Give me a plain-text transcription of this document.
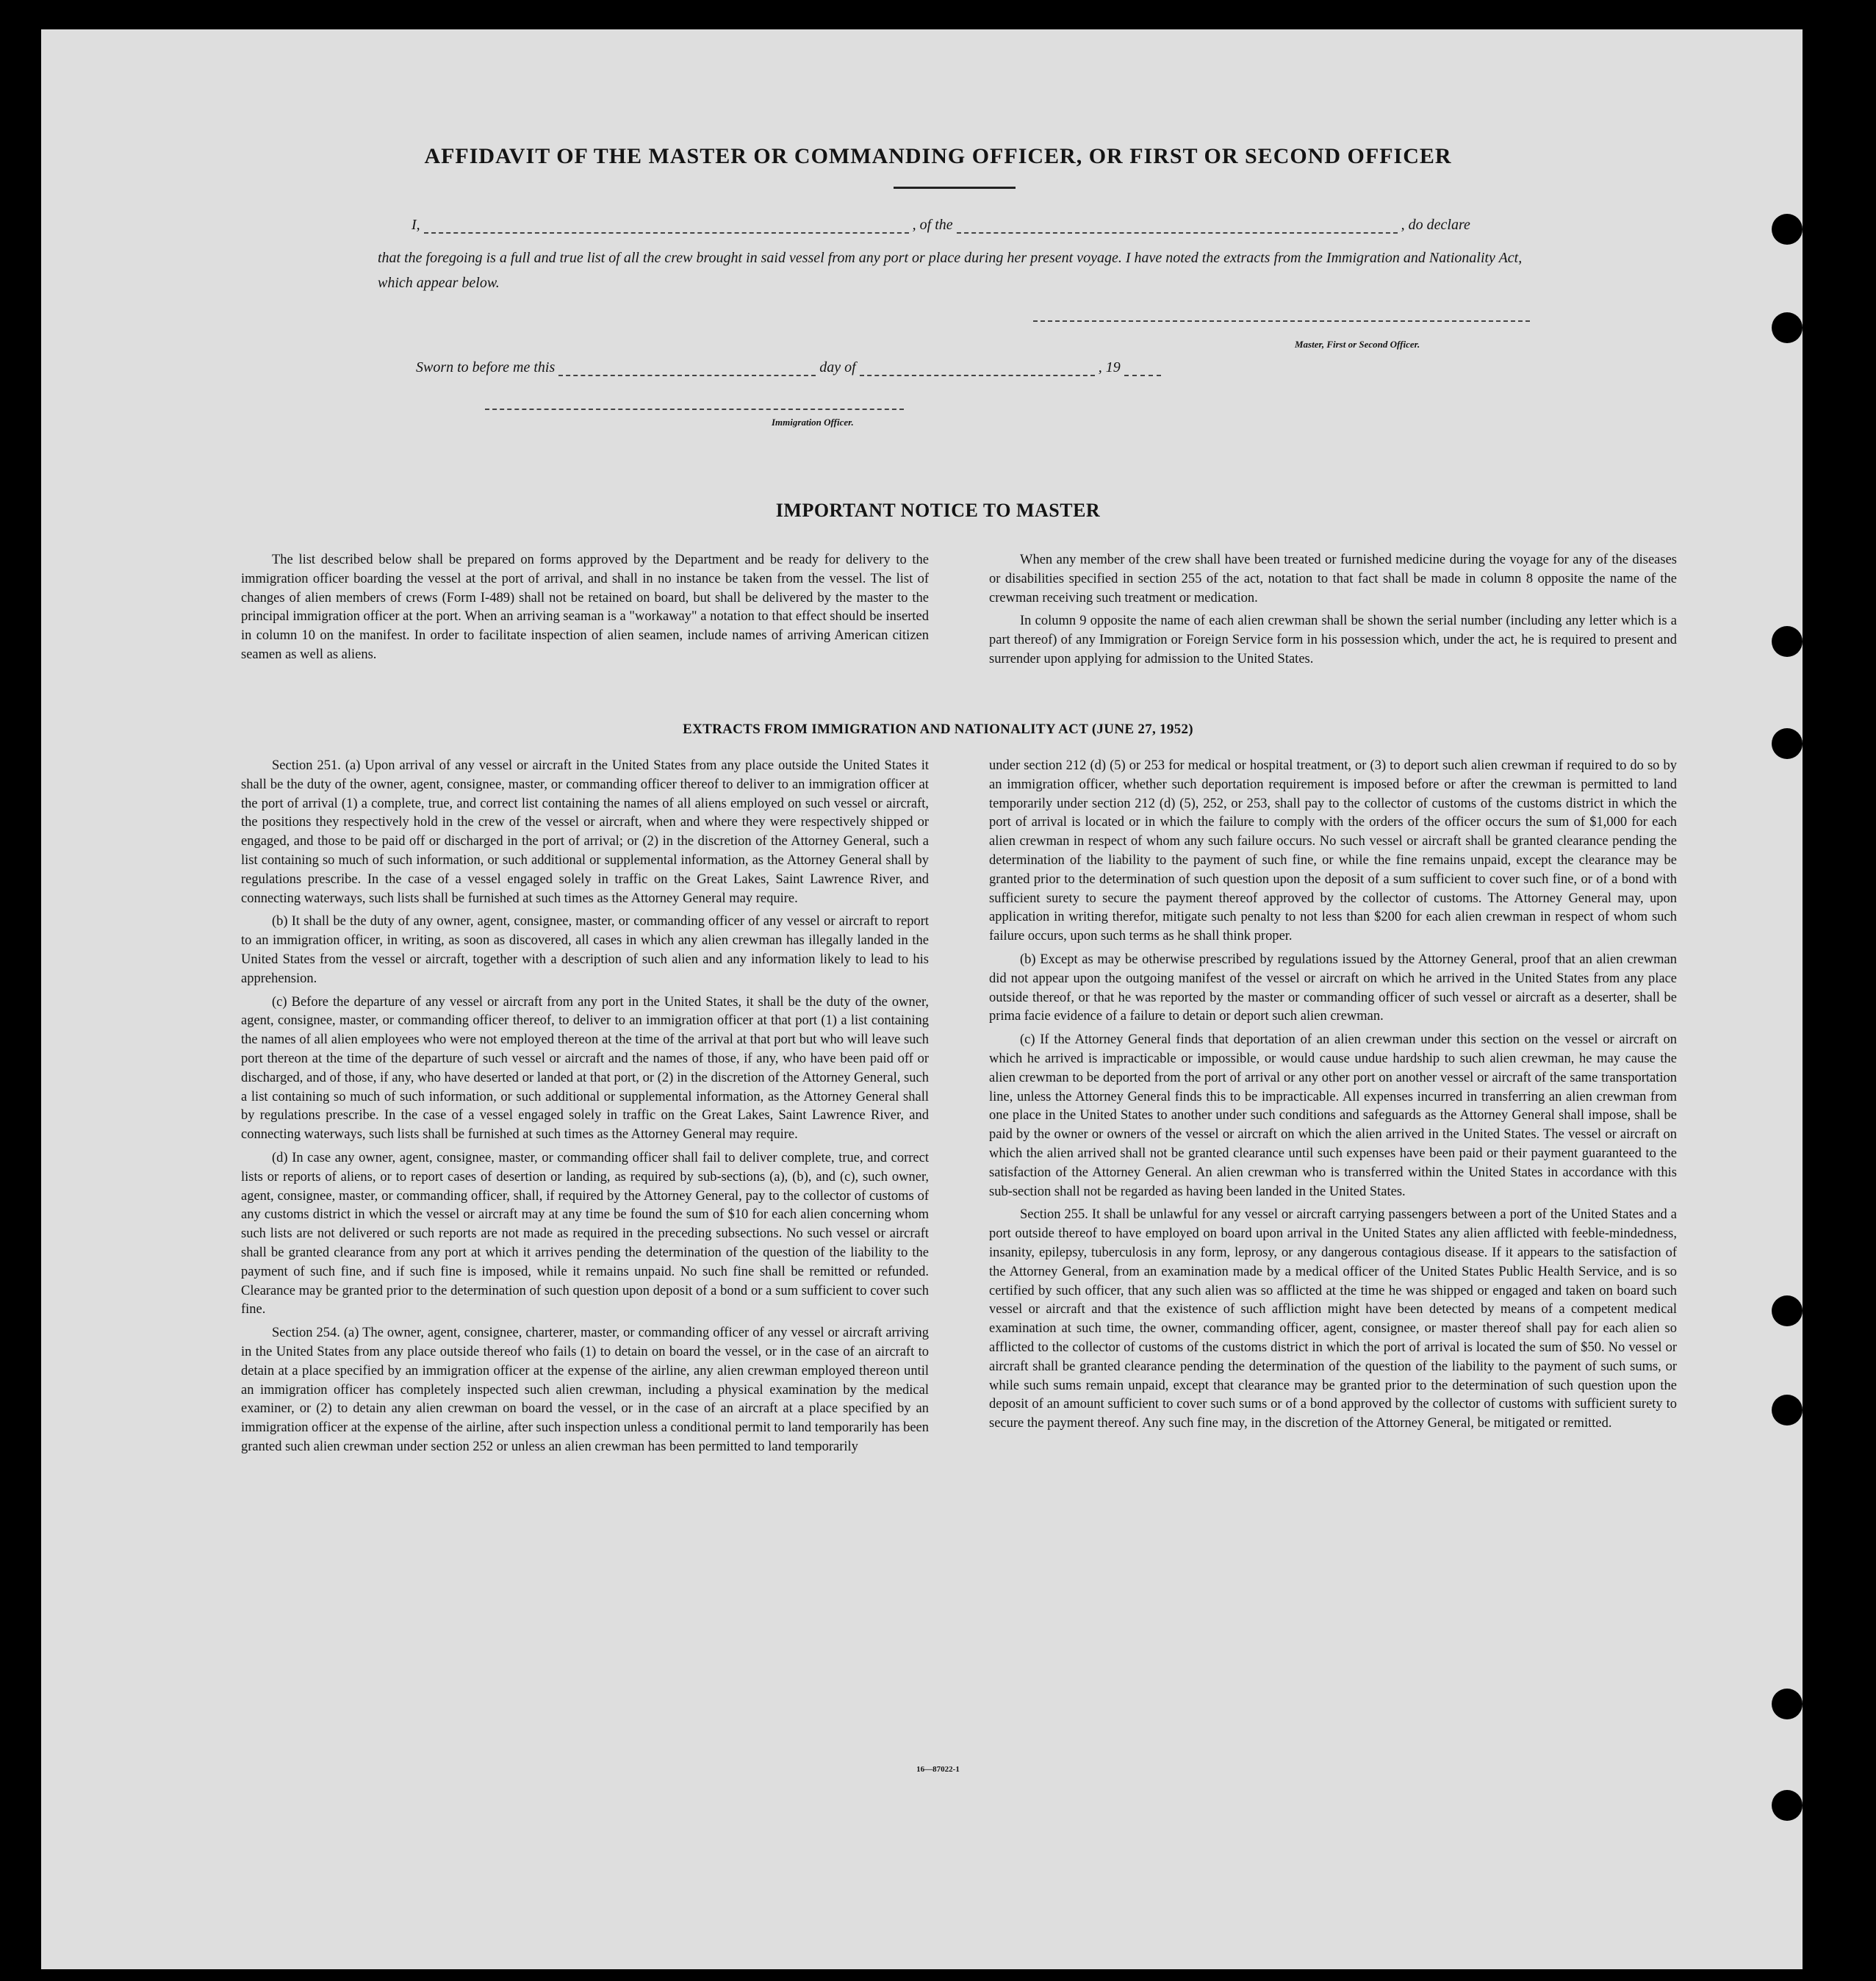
AFFIDAVIT OF THE MASTER OR COMMANDING OFFICER, OR FIRST OR SECOND OFFICER
I,	, of the	, do declare
that the foregoing is a full and true list of all the crew brought in said vessel from any port or place during her present voyage. I have noted the extracts from the Immigration and Nationality Act, which appear below.
Master, First or Second Officer.
Sworn to before me this	day of	, 19
Immigration Officer.
IMPORTANT NOTICE TO MASTER

The list described below shall be prepared on forms approved by the Department and be ready for delivery to the immigration officer boarding the vessel at the port of arrival, and shall in no instance be taken from the vessel. The list of changes of alien members of crews (Form I-489) shall not be retained on board, but shall be delivered by the master to the principal immigration officer at the port. When an arriving seaman is a "workaway" a notation to that effect should be inserted in column 10 on the manifest. In order to facilitate inspection of alien seamen, include names of arriving American citizen seamen as well as aliens.

When any member of the crew shall have been treated or furnished medicine during the voyage for any of the diseases or disabilities specified in section 255 of the act, notation to that fact shall be made in column 8 opposite the name of the crewman receiving such treatment or medication.

In column 9 opposite the name of each alien crewman shall be shown the serial number (including any letter which is a part thereof) of any Immigration or Foreign Service form in his possession which, under the act, he is required to present and surrender upon applying for admission to the United States.

EXTRACTS FROM IMMIGRATION AND NATIONALITY ACT (JUNE 27, 1952)

Section 251. (a) Upon arrival of any vessel or aircraft in the United States from any place outside the United States it shall be the duty of the owner, agent, consignee, master, or commanding officer thereof to deliver to an immigration officer at the port of arrival (1) a complete, true, and correct list containing the names of all aliens employed on such vessel or aircraft, the positions they respectively hold in the crew of the vessel or aircraft, when and where they were respectively shipped or engaged, and those to be paid off or discharged in the port of arrival; or (2) in the discretion of the Attorney General, such a list containing so much of such information, or such additional or supplemental information, as the Attorney General shall by regulations prescribe. In the case of a vessel engaged solely in traffic on the Great Lakes, Saint Lawrence River, and connecting waterways, such lists shall be furnished at such times as the Attorney General may require.

(b) It shall be the duty of any owner, agent, consignee, master, or commanding officer of any vessel or aircraft to report to an immigration officer, in writing, as soon as discovered, all cases in which any alien crewman has illegally landed in the United States from the vessel or aircraft, together with a description of such alien and any information likely to lead to his apprehension.

(c) Before the departure of any vessel or aircraft from any port in the United States, it shall be the duty of the owner, agent, consignee, master, or commanding officer thereof, to deliver to an immigration officer at that port (1) a list containing the names of all alien employees who were not employed thereon at the time of the arrival at that port but who will leave such port thereon at the time of the departure of such vessel or aircraft and the names of those, if any, who have been paid off or discharged, and of those, if any, who have deserted or landed at that port, or (2) in the discretion of the Attorney General, such a list containing so much of such information, or such additional or supplemental information, as the Attorney General shall by regulations prescribe. In the case of a vessel engaged solely in traffic on the Great Lakes, Saint Lawrence River, and connecting waterways, such lists shall be furnished at such times as the Attorney General may require.

(d) In case any owner, agent, consignee, master, or commanding officer shall fail to deliver complete, true, and correct lists or reports of aliens, or to report cases of desertion or landing, as required by sub-sections (a), (b), and (c), such owner, agent, consignee, master, or commanding officer, shall, if required by the Attorney General, pay to the collector of customs of any customs district in which the vessel or aircraft may at any time be found the sum of $10 for each alien concerning whom such lists are not delivered or such reports are not made as required in the preceding subsections. No such vessel or aircraft shall be granted clearance from any port at which it arrives pending the determination of the question of the liability to the payment of such fine, and if such fine is imposed, while it remains unpaid. No such fine shall be remitted or refunded. Clearance may be granted prior to the determination of such question upon deposit of a bond or a sum sufficient to cover such fine.

Section 254. (a) The owner, agent, consignee, charterer, master, or commanding officer of any vessel or aircraft arriving in the United States from any place outside thereof who fails (1) to detain on board the vessel, or in the case of an aircraft to detain at a place specified by an immigration officer at the expense of the airline, any alien crewman employed thereon until an immigration officer has completely inspected such alien crewman, including a physical examination by the medical examiner, or (2) to detain any alien crewman on board the vessel, or in the case of an aircraft at a place specified by an immigration officer at the expense of the airline, after such inspection unless a conditional permit to land temporarily has been granted such alien crewman under section 252 or unless an alien crewman has been permitted to land temporarily

under section 212 (d) (5) or 253 for medical or hospital treatment, or (3) to deport such alien crewman if required to do so by an immigration officer, whether such deportation requirement is imposed before or after the crewman is permitted to land temporarily under section 212 (d) (5), 252, or 253, shall pay to the collector of customs of the customs district in which the port of arrival is located or in which the failure to comply with the orders of the officer occurs the sum of $1,000 for each alien crewman in respect of whom any such failure occurs. No such vessel or aircraft shall be granted clearance pending the determination of the liability to the payment of such fine, or while the fine remains unpaid, except the clearance may be granted prior to the determination of such question upon the deposit of a sum sufficient to cover such fine, or of a bond with sufficient surety to secure the payment thereof approved by the collector of customs. The Attorney General may, upon application in writing therefor, mitigate such penalty to not less than $200 for each alien crewman in respect of whom such failure occurs, upon such terms as he shall think proper.

(b) Except as may be otherwise prescribed by regulations issued by the Attorney General, proof that an alien crewman did not appear upon the outgoing manifest of the vessel or aircraft on which he arrived in the United States from any place outside thereof, or that he was reported by the master or commanding officer of such vessel or aircraft as a deserter, shall be prima facie evidence of a failure to detain or deport such alien crewman.

(c) If the Attorney General finds that deportation of an alien crewman under this section on the vessel or aircraft on which he arrived is impracticable or impossible, or would cause undue hardship to such alien crewman, he may cause the alien crewman to be deported from the port of arrival or any other port on another vessel or aircraft of the same transportation line, unless the Attorney General finds this to be impracticable. All expenses incurred in transferring an alien crewman from one place in the United States to another under such conditions and safeguards as the Attorney General shall impose, shall be paid by the owner or owners of the vessel or aircraft on which the alien arrived in the United States. The vessel or aircraft on which the alien arrived shall not be granted clearance until such expenses have been paid or their payment guaranteed to the satisfaction of the Attorney General. An alien crewman who is transferred within the United States in accordance with this sub-section shall not be regarded as having been landed in the United States.

Section 255. It shall be unlawful for any vessel or aircraft carrying passengers between a port of the United States and a port outside thereof to have employed on board upon arrival in the United States any alien afflicted with feeble-mindedness, insanity, epilepsy, tuberculosis in any form, leprosy, or any dangerous contagious disease. If it appears to the satisfaction of the Attorney General, from an examination made by a medical officer of the United States Public Health Service, and is so certified by such officer, that any such alien was so afflicted at the time he was shipped or engaged and taken on board such vessel or aircraft and that the existence of such affliction might have been detected by means of a competent medical examination at such time, the owner, commanding officer, agent, consignee, or master thereof shall pay for each alien so afflicted to the collector of customs of the customs district in which the port of arrival is located the sum of $50. No vessel or aircraft shall be granted clearance pending the determination of the question of the liability to the payment of such sums, or while such sums remain unpaid, except that clearance may be granted prior to the determination of such question upon the deposit of an amount sufficient to cover such sums or of a bond approved by the collector of customs with sufficient surety to secure the payment thereof. Any such fine may, in the discretion of the Attorney General, be mitigated or remitted.

16—87022-1
